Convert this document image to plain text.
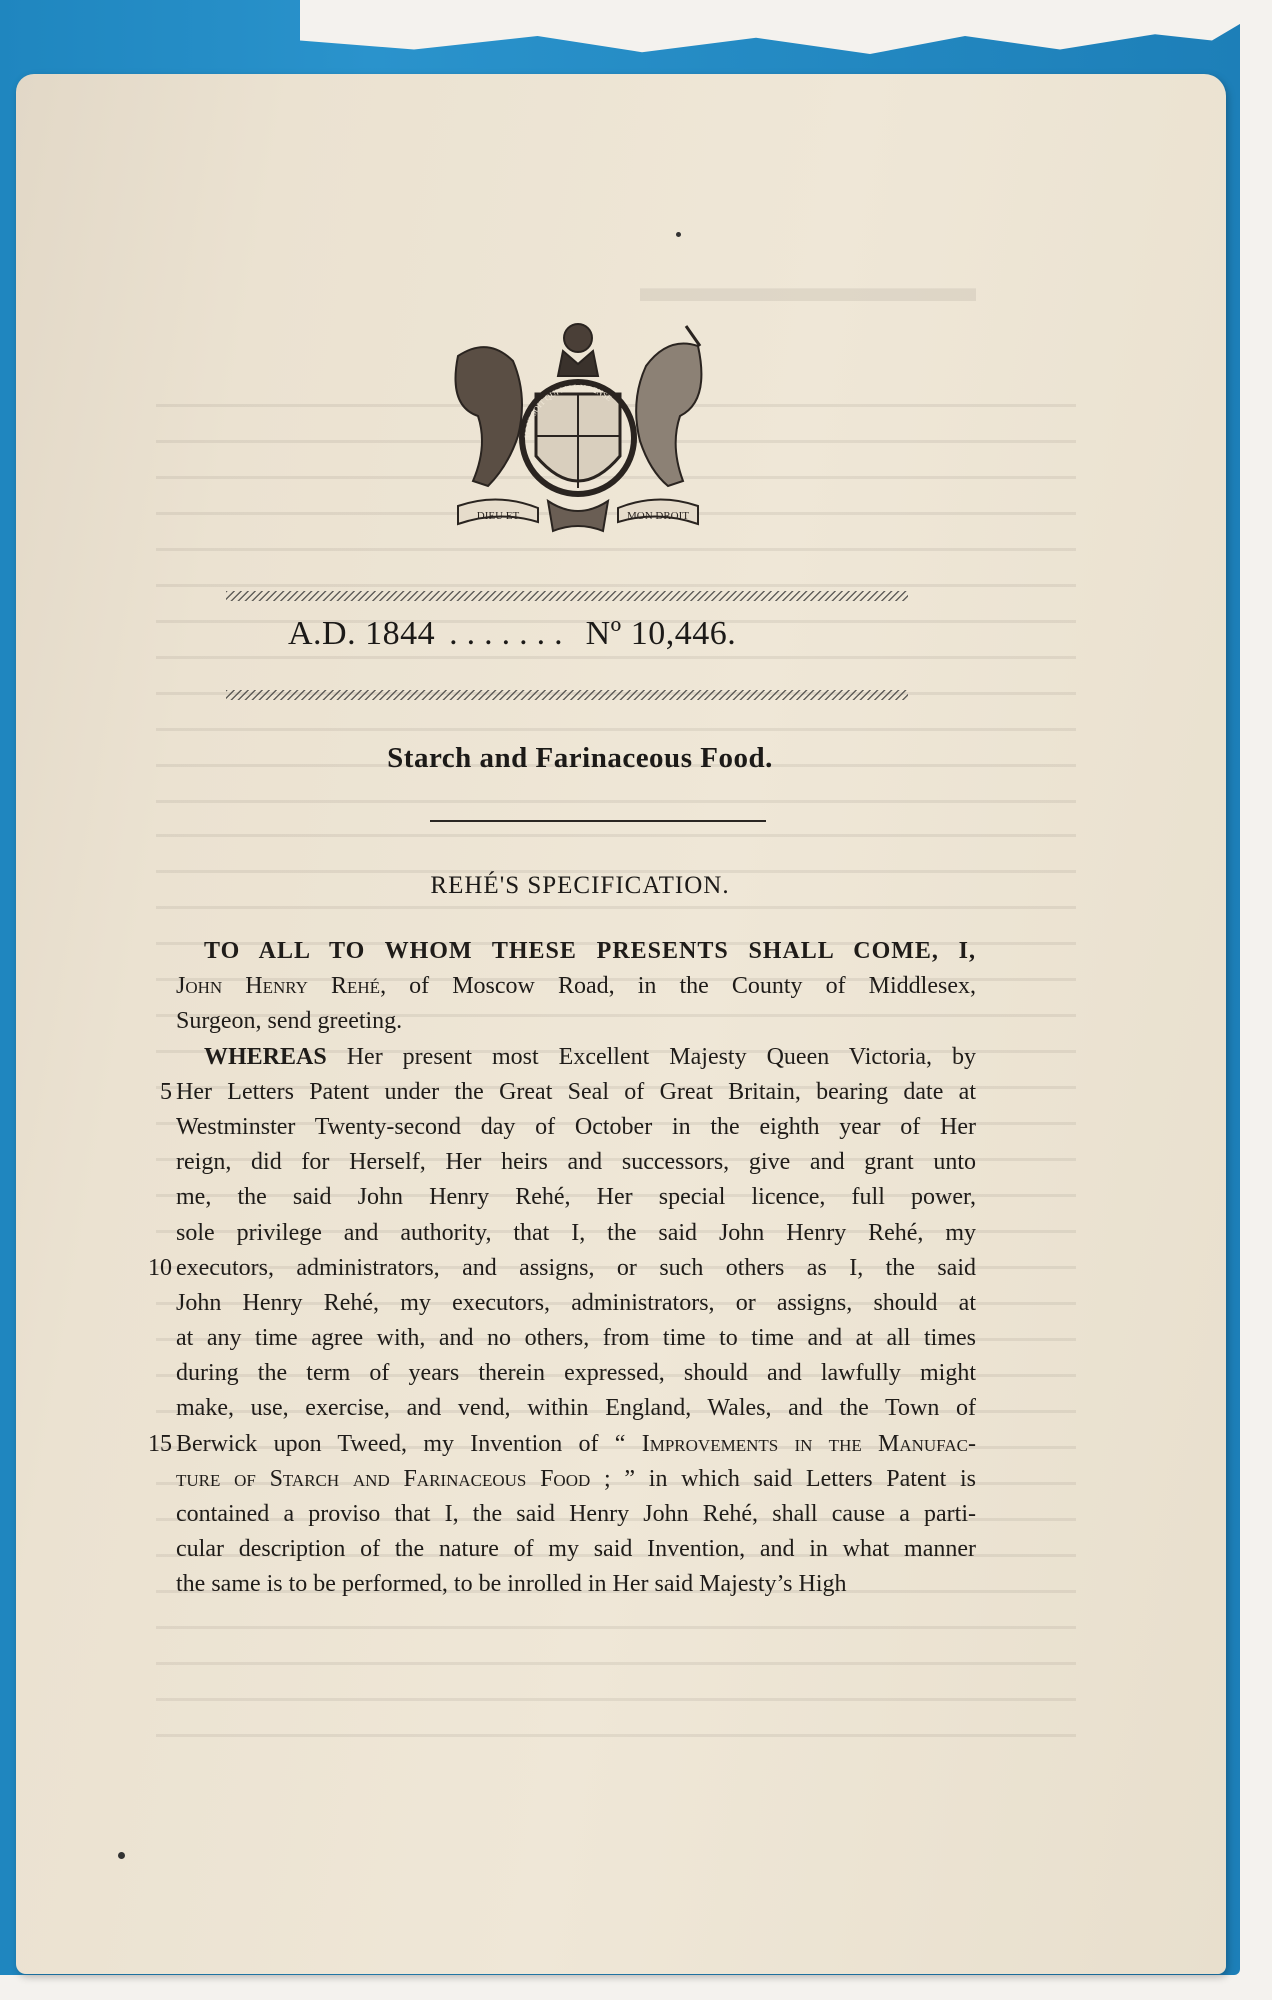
▬▬▬▬▬▬▬▬
DIEU ET	MON DROIT
HONI SOIT QUI MAL Y PENSE
A.D. 1844 ....... Nº 10,446.
Starch and Farinaceous Food.
REHÉ'S SPECIFICATION.
5
10
15
TO ALL TO WHOM THESE PRESENTS SHALL COME, I,
John Henry Rehé, of Moscow Road, in the County of Middlesex,
Surgeon, send greeting.
WHEREAS Her present most Excellent Majesty Queen Victoria, by
Her Letters Patent under the Great Seal of Great Britain, bearing date at
Westminster Twenty-second day of October in the eighth year of Her
reign, did for Herself, Her heirs and successors, give and grant unto
me, the said John Henry Rehé, Her special licence, full power,
sole privilege and authority, that I, the said John Henry Rehé, my
executors, administrators, and assigns, or such others as I, the said
John Henry Rehé, my executors, administrators, or assigns, should at
at any time agree with, and no others, from time to time and at all times
during the term of years therein expressed, should and lawfully might
make, use, exercise, and vend, within England, Wales, and the Town of
Berwick upon Tweed, my Invention of “ Improvements in the Manufac-
ture of Starch and Farinaceous Food ; ” in which said Letters Patent is
contained a proviso that I, the said Henry John Rehé, shall cause a parti-
cular description of the nature of my said Invention, and in what manner
the same is to be performed, to be inrolled in Her said Majesty’s High
